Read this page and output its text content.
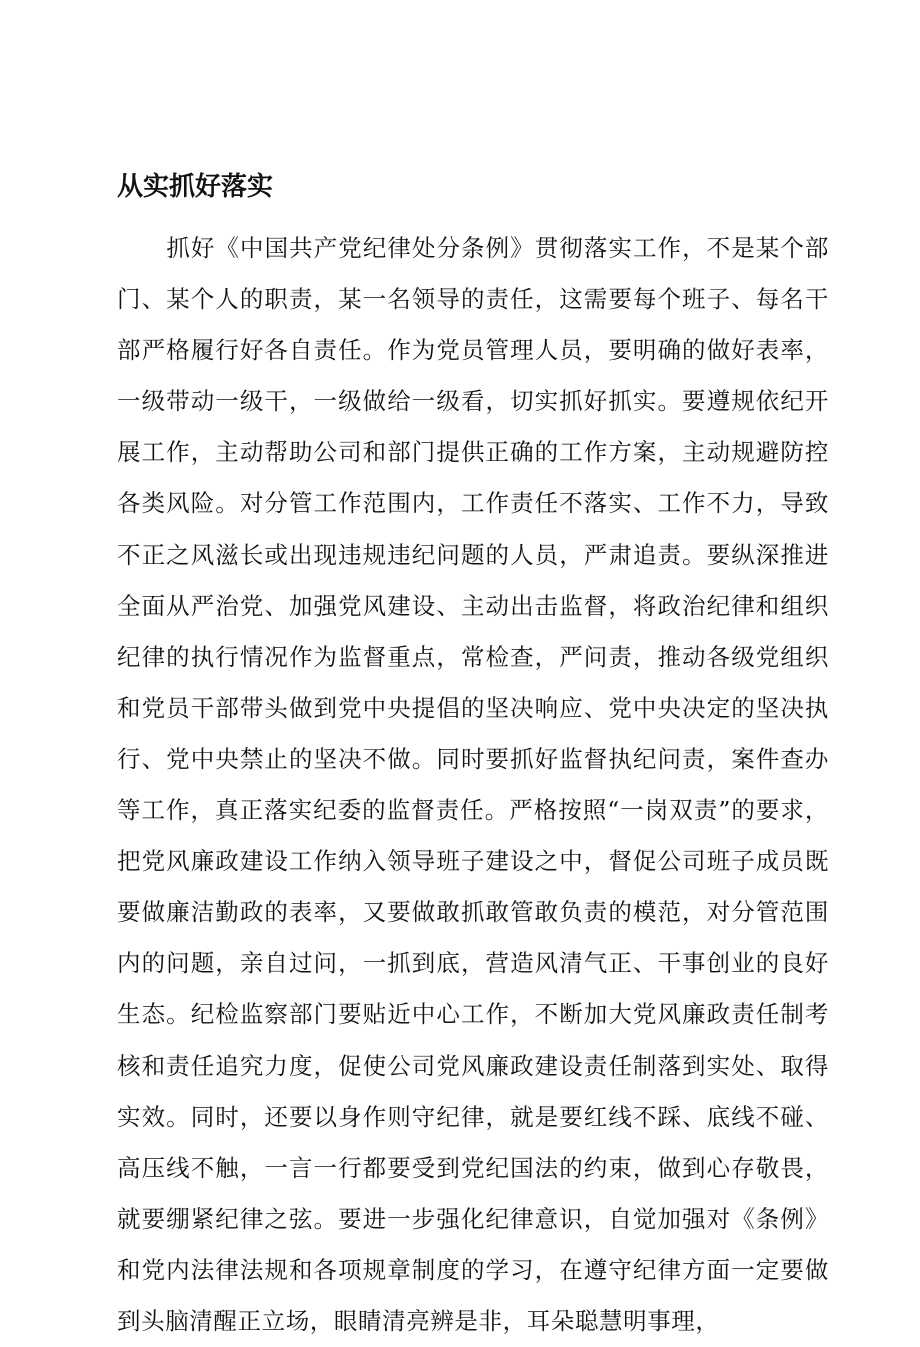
从实抓好落实

抓好《中国共产党纪律处分条例》贯彻落实工作，不是某个部门、某个人的职责，某一名领导的责任，这需要每个班子、每名干部严格履行好各自责任。作为党员管理人员，要明确的做好表率，一级带动一级干，一级做给一级看，切实抓好抓实。要遵规依纪开展工作，主动帮助公司和部门提供正确的工作方案，主动规避防控各类风险。对分管工作范围内，工作责任不落实、工作不力，导致不正之风滋长或出现违规违纪问题的人员，严肃追责。要纵深推进全面从严治党、加强党风建设、主动出击监督，将政治纪律和组织纪律的执行情况作为监督重点，常检查，严问责，推动各级党组织和党员干部带头做到党中央提倡的坚决响应、党中央决定的坚决执行、党中央禁止的坚决不做。同时要抓好监督执纪问责，案件查办等工作，真正落实纪委的监督责任。严格按照“一岗双责”的要求，把党风廉政建设工作纳入领导班子建设之中，督促公司班子成员既要做廉洁勤政的表率，又要做敢抓敢管敢负责的模范，对分管范围内的问题，亲自过问，一抓到底，营造风清气正、干事创业的良好生态。纪检监察部门要贴近中心工作，不断加大党风廉政责任制考核和责任追究力度，促使公司党风廉政建设责任制落到实处、取得实效。同时，还要以身作则守纪律，就是要红线不踩、底线不碰、高压线不触，一言一行都要受到党纪国法的约束，做到心存敬畏，就要绷紧纪律之弦。要进一步强化纪律意识，自觉加强对《条例》和党内法律法规和各项规章制度的学习，在遵守纪律方面一定要做到头脑清醒正立场，眼睛清亮辨是非，耳朵聪慧明事理，
